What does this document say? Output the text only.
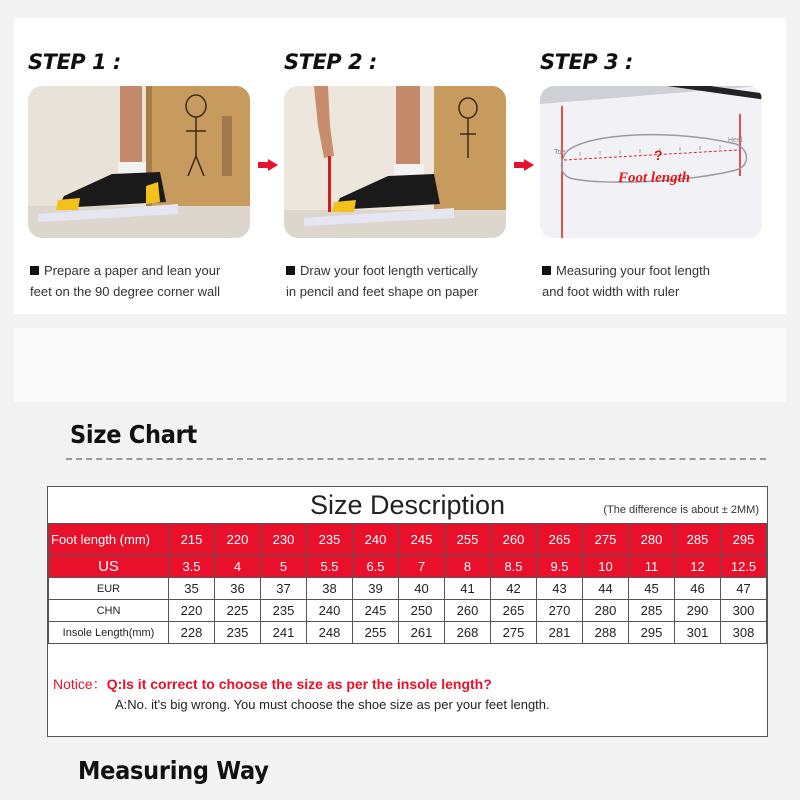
STEP 1 :
Prepare a paper and lean your
feet on the 90 degree corner wall
STEP 2 :
Draw your foot length vertically
in pencil and feet shape on paper
STEP 3 :
?
Foot length
Toe
Heel
Measuring your foot length
and foot width with ruler
Size Chart
Size Description	(The difference is about ± 2MM)
Foot length (mm)	215	220	230	235	240	245	255	260	265	275	280	285	295
US	3.5	4	5	5.5	6.5	7	8	8.5	9.5	10	11	12	12.5
EUR	35	36	37	38	39	40	41	42	43	44	45	46	47
CHN	220	225	235	240	245	250	260	265	270	280	285	290	300
Insole Length(mm)	228	235	241	248	255	261	268	275	281	288	295	301	308
Notice：Q:Is it correct to choose the size as per the insole length?
A:No. it's big wrong. You must choose the shoe size as per your feet length.
Measuring Way
